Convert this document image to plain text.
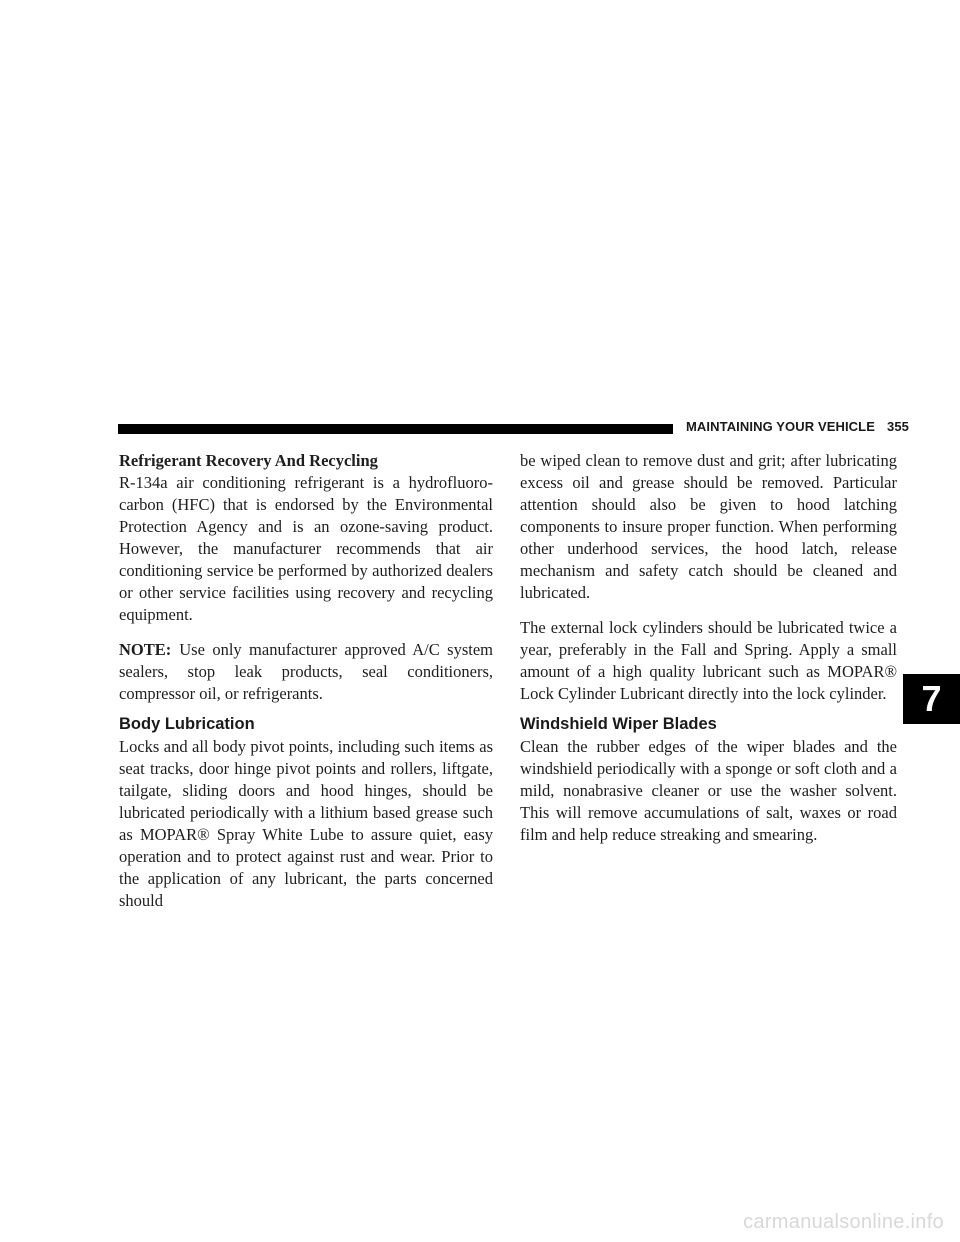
MAINTAINING YOUR VEHICLE 355
Refrigerant Recovery And Recycling

R-134a air conditioning refrigerant is a hydrofluoro-carbon (HFC) that is endorsed by the Environmental Protection Agency and is an ozone-saving product. However, the manufacturer recommends that air conditioning service be performed by authorized dealers or other service facilities using recovery and recycling equipment.

NOTE: Use only manufacturer approved A/C system sealers, stop leak products, seal conditioners, compressor oil, or refrigerants.

Body Lubrication

Locks and all body pivot points, including such items as seat tracks, door hinge pivot points and rollers, liftgate, tailgate, sliding doors and hood hinges, should be lubricated periodically with a lithium based grease such as MOPAR® Spray White Lube to assure quiet, easy operation and to protect against rust and wear. Prior to the application of any lubricant, the parts concerned should

be wiped clean to remove dust and grit; after lubricating excess oil and grease should be removed. Particular attention should also be given to hood latching components to insure proper function. When performing other underhood services, the hood latch, release mechanism and safety catch should be cleaned and lubricated.

The external lock cylinders should be lubricated twice a year, preferably in the Fall and Spring. Apply a small amount of a high quality lubricant such as MOPAR® Lock Cylinder Lubricant directly into the lock cylinder.

Windshield Wiper Blades

Clean the rubber edges of the wiper blades and the windshield periodically with a sponge or soft cloth and a mild, nonabrasive cleaner or use the washer solvent. This will remove accumulations of salt, waxes or road film and help reduce streaking and smearing.

7
carmanualsonline.info
